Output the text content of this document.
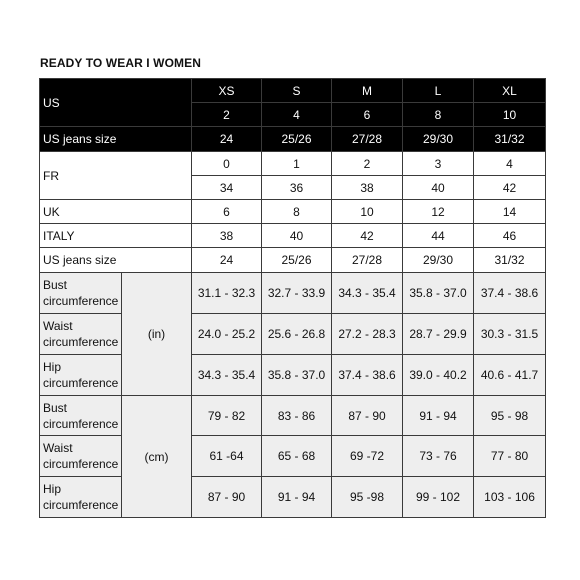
READY TO WEAR I WOMEN
US		XS	S	M	L	XL
		2	4	6	8	10
US jeans size		24	25/26	27/28	29/30	31/32
FR		0	1	2	3	4
		34	36	38	40	42
UK		6	8	10	12	14
ITALY		38	40	42	44	46
US jeans size		24	25/26	27/28	29/30	31/32
Bust
circumference	(in)	31.1 - 32.3	32.7 - 33.9	34.3 - 35.4	35.8 - 37.0	37.4 - 38.6
Waist
circumference		24.0 - 25.2	25.6 - 26.8	27.2 - 28.3	28.7 - 29.9	30.3 - 31.5
Hip
circumference		34.3 - 35.4	35.8 - 37.0	37.4 - 38.6	39.0 - 40.2	40.6 - 41.7
Bust
circumference	(cm)	79 - 82	83 - 86	87 - 90	91 - 94	95 - 98
Waist
circumference		61 -64	65 - 68	69 -72	73 - 76	77 - 80
Hip
circumference		87 - 90	91 - 94	95 -98	99 - 102	103 - 106
